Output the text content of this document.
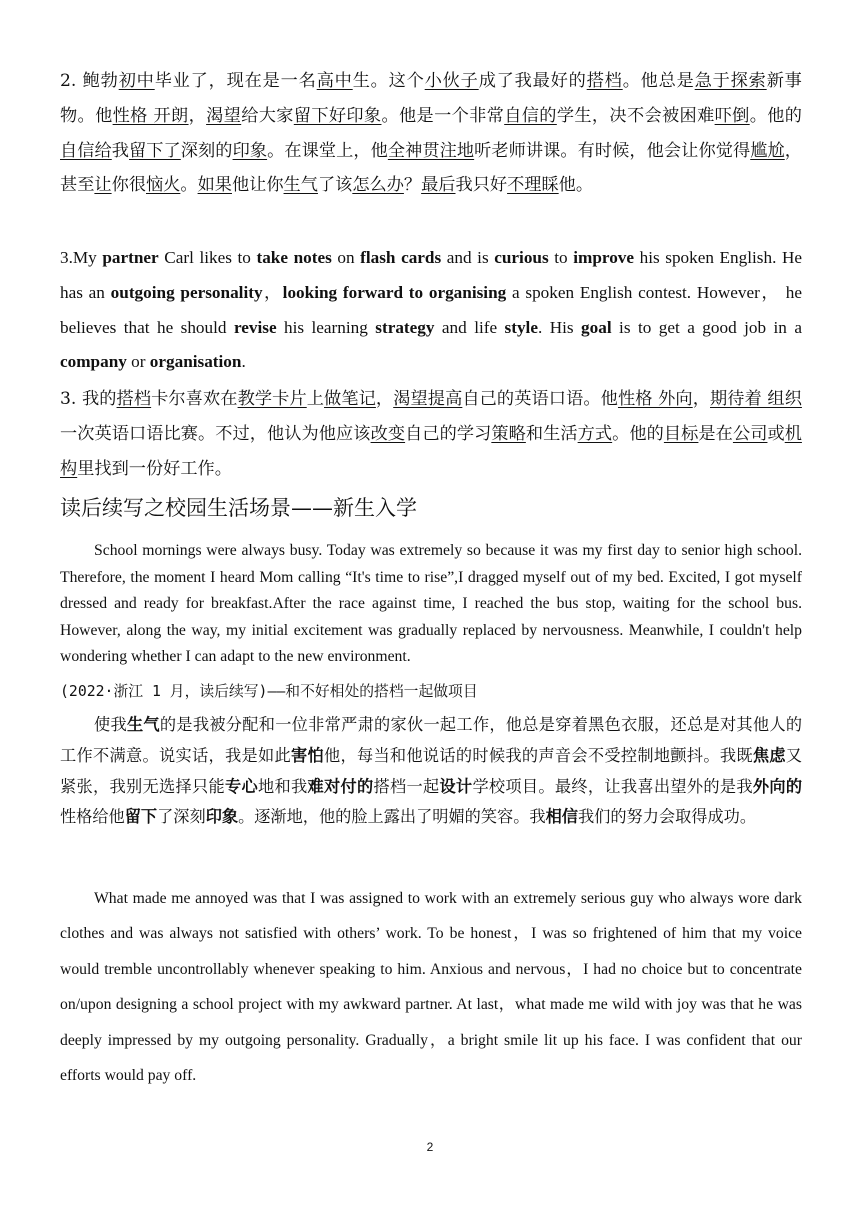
2. 鲍勃初中毕业了，现在是一名高中生。这个小伙子成了我最好的搭档。他总是急于探索新事物。他性格 开朗，渴望给大家留下好印象。他是一个非常自信的学生，决不会被困难吓倒。他的自信给我留下了深刻的印象。在课堂上，他全神贯注地听老师讲课。有时候，他会让你觉得尴尬，甚至让你很恼火。如果他让你生气了该怎么办？最后我只好不理睬他。

3.My partner Carl likes to take notes on flash cards and is curious to improve his spoken English. He has an outgoing personality，looking forward to organising a spoken English contest. However， he believes that he should revise his learning strategy and life style. His goal is to get a good job in a company or organisation.

3. 我的搭档卡尔喜欢在教学卡片上做笔记，渴望提高自己的英语口语。他性格 外向，期待着 组织一次英语口语比赛。不过，他认为他应该改变自己的学习策略和生活方式。他的目标是在公司或机构里找到一份好工作。

读后续写之校园生活场景——新生入学

School mornings were always busy. Today was extremely so because it was my first day to senior high school. Therefore, the moment I heard Mom calling “It's time to rise”,I dragged myself out of my bed. Excited, I got myself dressed and ready for breakfast.After the race against time, I reached the bus stop, waiting for the school bus. However, along the way, my initial excitement was gradually replaced by nervousness. Meanwhile, I couldn't help wondering whether I can adapt to the new environment.

(2022·浙江 1 月，读后续写)——和不好相处的搭档一起做项目

使我生气的是我被分配和一位非常严肃的家伙一起工作，他总是穿着黑色衣服，还总是对其他人的工作不满意。说实话，我是如此害怕他，每当和他说话的时候我的声音会不受控制地颤抖。我既焦虑又紧张，我别无选择只能专心地和我难对付的搭档一起设计学校项目。最终，让我喜出望外的是我外向的性格给他留下了深刻印象。逐渐地，他的脸上露出了明媚的笑容。我相信我们的努力会取得成功。

What made me annoyed was that I was assigned to work with an extremely serious guy who always wore dark clothes and was always not satisfied with others’ work. To be honest，I was so frightened of him that my voice would tremble uncontrollably whenever speaking to him. Anxious and nervous，I had no choice but to concentrate on/upon designing a school project with my awkward partner. At last，what made me wild with joy was that he was deeply impressed by my outgoing personality. Gradually，a bright smile lit up his face. I was confident that our efforts would pay off.

2
